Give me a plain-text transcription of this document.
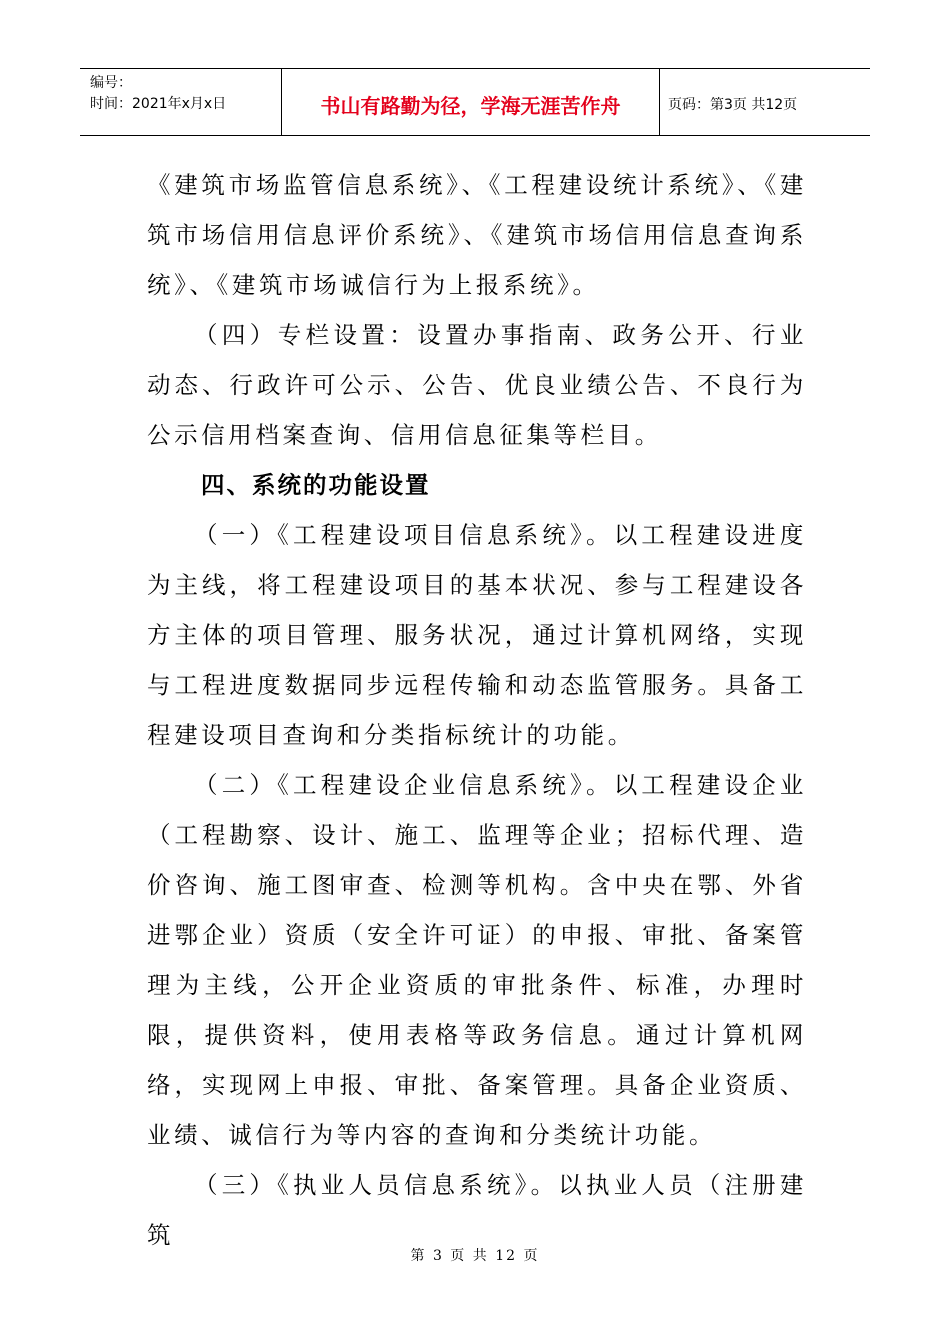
编号：
时间：2021年x月x日	书山有路勤为径，学海无涯苦作舟	页码：第3页 共12页

《建筑市场监管信息系统》、《工程建设统计系统》、《建筑市场信用信息评价系统》、《建筑市场信用信息查询系统》、《建筑市场诚信行为上报系统》。

（四）专栏设置：设置办事指南、政务公开、行业动态、行政许可公示、公告、优良业绩公告、不良行为公示信用档案查询、信用信息征集等栏目。

四、系统的功能设置

（一）《工程建设项目信息系统》。以工程建设进度为主线，将工程建设项目的基本状况、参与工程建设各方主体的项目管理、服务状况，通过计算机网络，实现与工程进度数据同步远程传输和动态监管服务。具备工程建设项目查询和分类指标统计的功能。

（二）《工程建设企业信息系统》。以工程建设企业（工程勘察、设计、施工、监理等企业；招标代理、造价咨询、施工图审查、检测等机构。含中央在鄂、外省进鄂企业）资质（安全许可证）的申报、审批、备案管理为主线，公开企业资质的审批条件、标准，办理时限，提供资料，使用表格等政务信息。通过计算机网络，实现网上申报、审批、备案管理。具备企业资质、业绩、诚信行为等内容的查询和分类统计功能。

（三）《执业人员信息系统》。以执业人员（注册建筑

第 3 页 共 12 页
